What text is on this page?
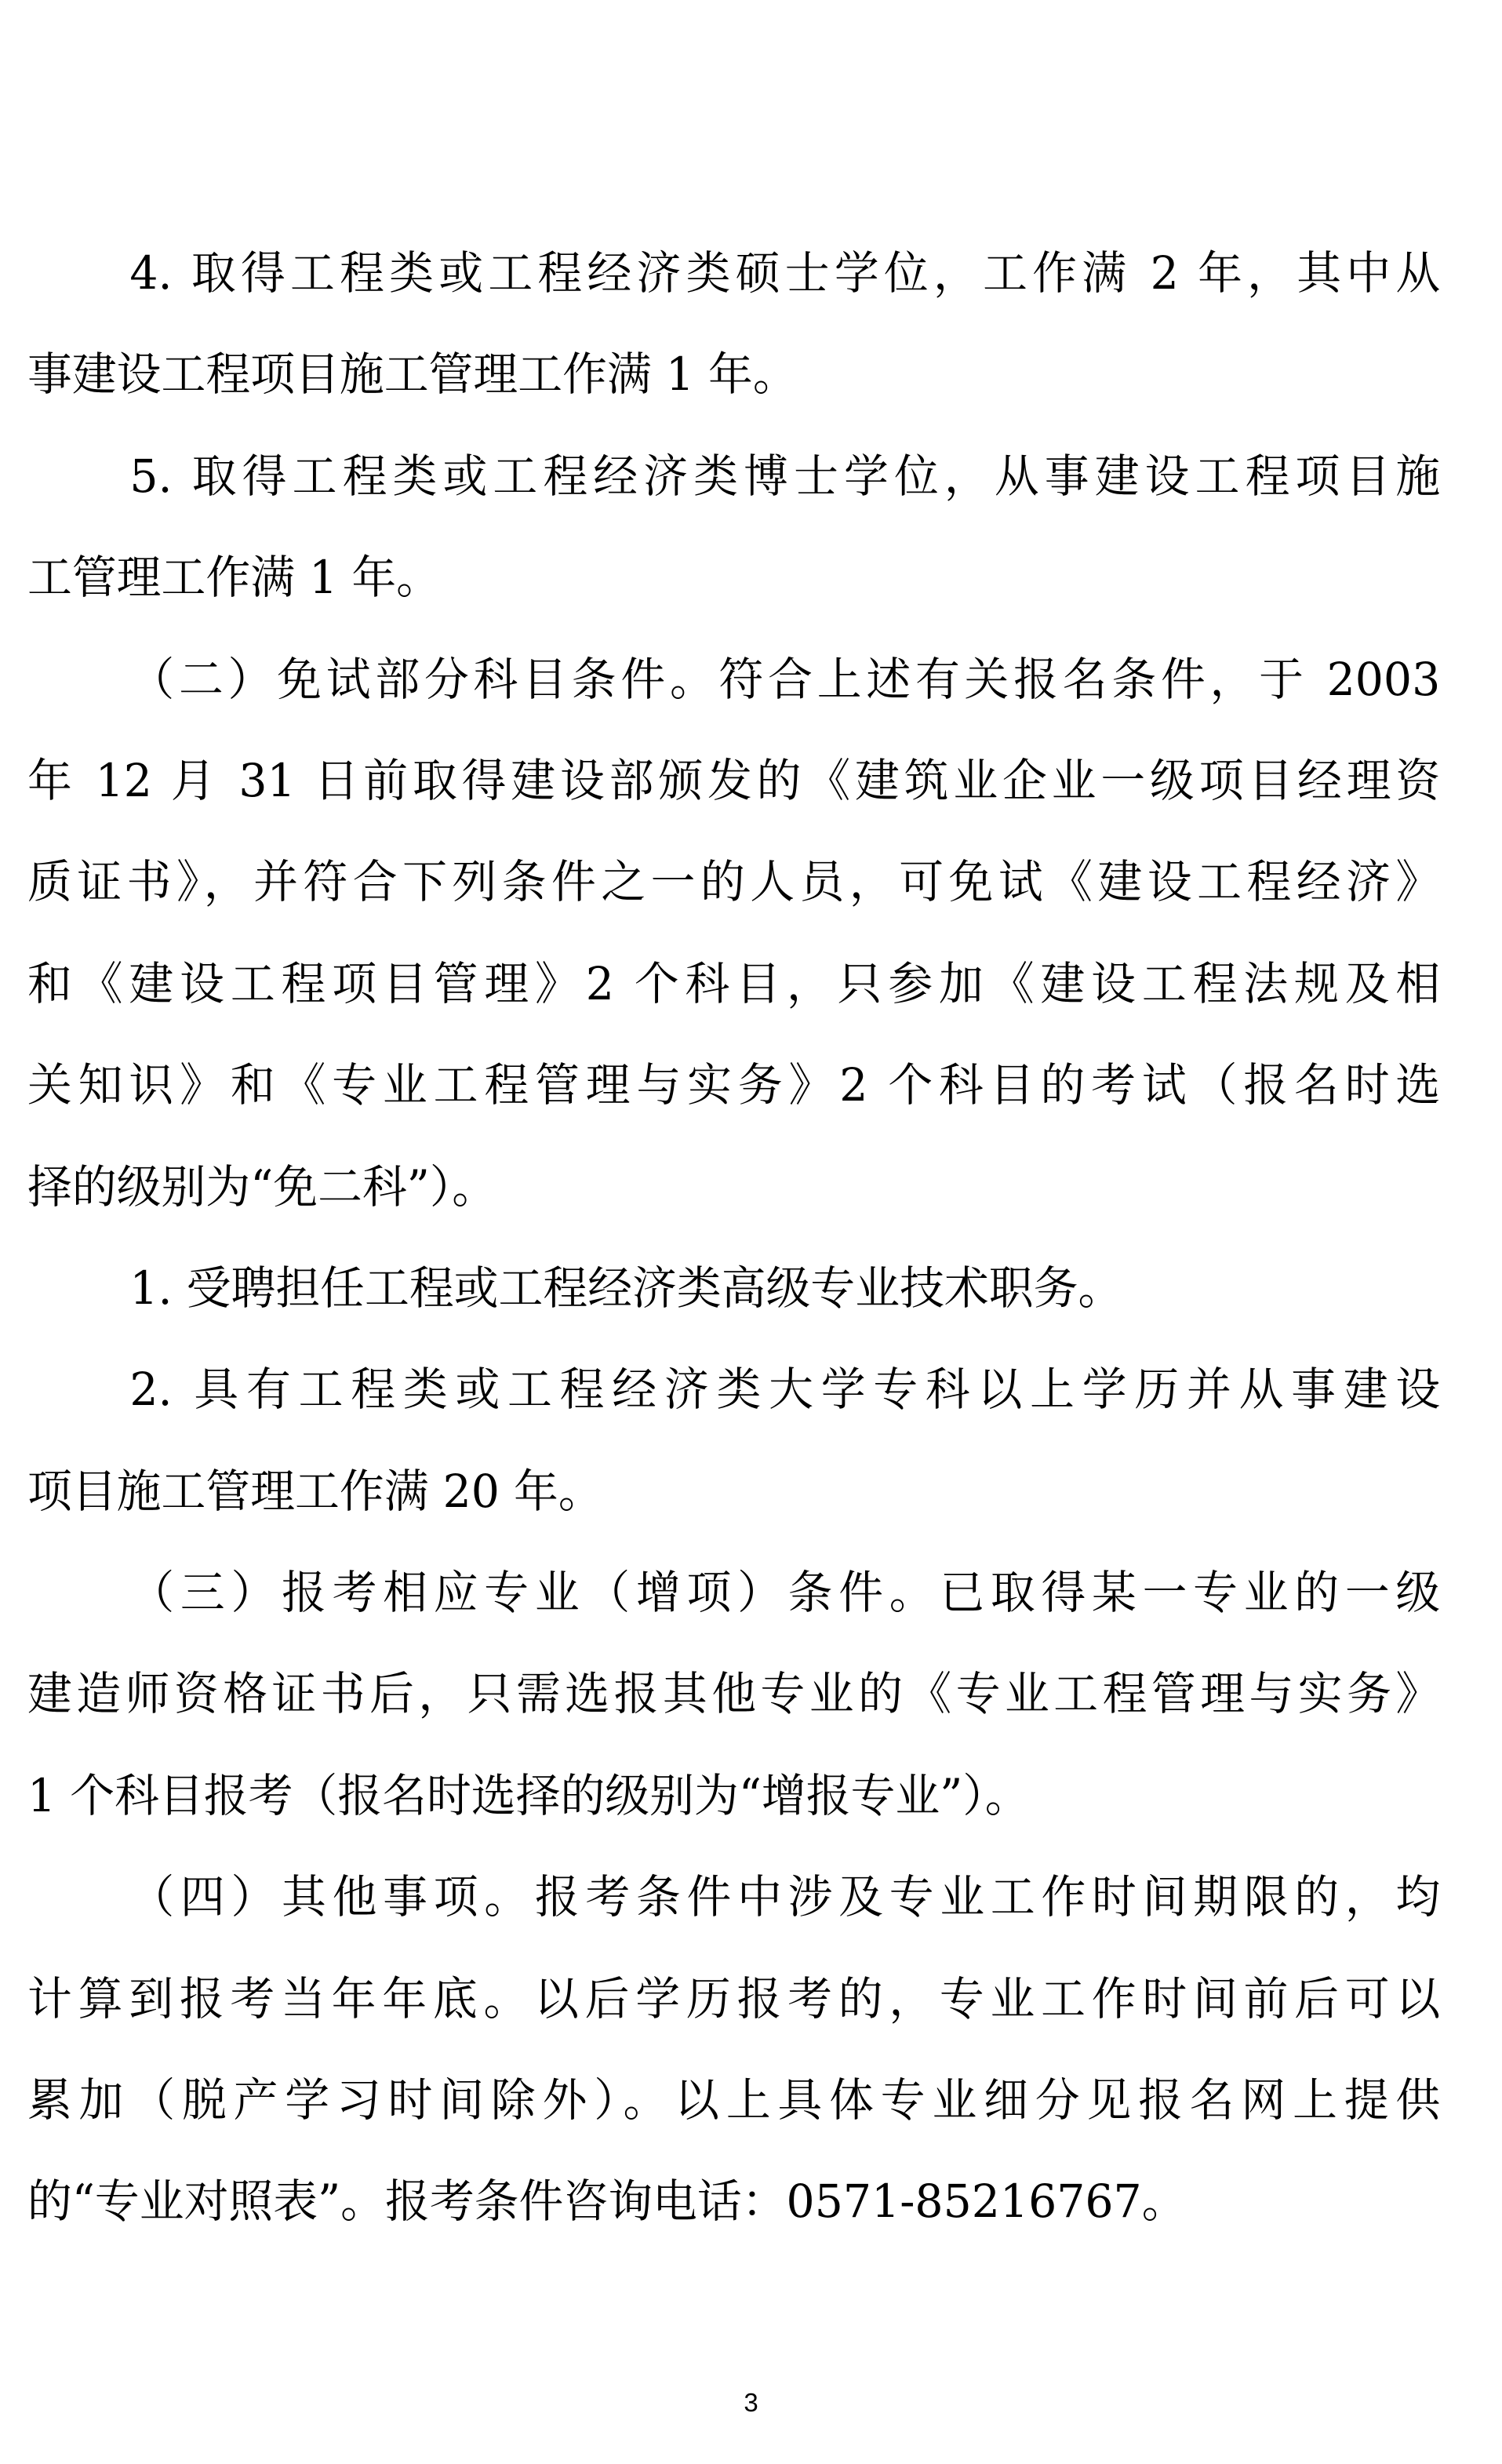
4. 取得工程类或工程经济类硕士学位，工作满 2 年，其中从
事建设工程项目施工管理工作满 1 年。
5. 取得工程类或工程经济类博士学位，从事建设工程项目施
工管理工作满 1 年。
（二）免试部分科目条件。符合上述有关报名条件，于 2003
年 12 月 31 日前取得建设部颁发的《建筑业企业一级项目经理资
质证书》，并符合下列条件之一的人员，可免试《建设工程经济》
和《建设工程项目管理》2 个科目，只参加《建设工程法规及相
关知识》和《专业工程管理与实务》2 个科目的考试（报名时选
择的级别为“免二科”）。
1. 受聘担任工程或工程经济类高级专业技术职务。
2. 具有工程类或工程经济类大学专科以上学历并从事建设
项目施工管理工作满 20 年。
（三）报考相应专业（增项）条件。已取得某一专业的一级
建造师资格证书后，只需选报其他专业的《专业工程管理与实务》
1 个科目报考（报名时选择的级别为“增报专业”）。
（四）其他事项。报考条件中涉及专业工作时间期限的，均
计算到报考当年年底。以后学历报考的，专业工作时间前后可以
累加（脱产学习时间除外）。以上具体专业细分见报名网上提供
的“专业对照表”。报考条件咨询电话：0571-85216767。
3
